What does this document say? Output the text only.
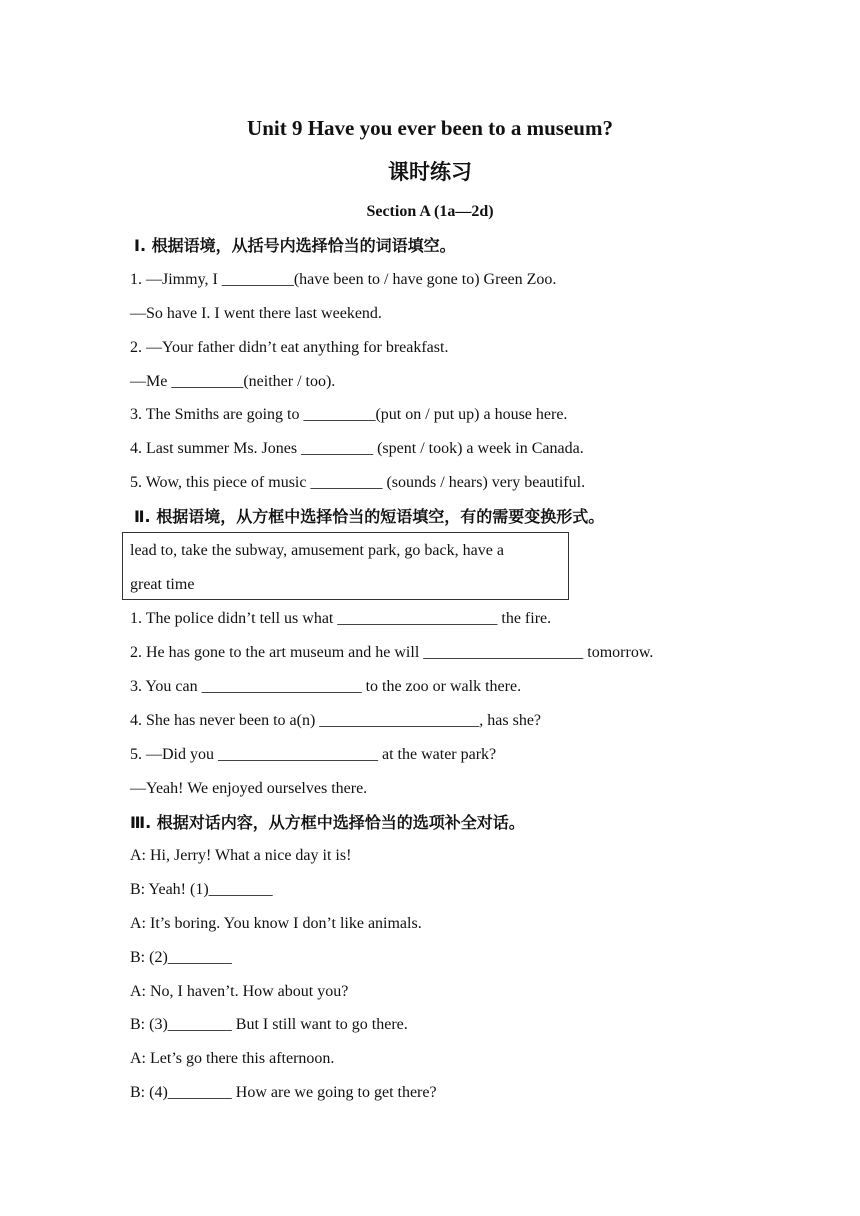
Unit 9 Have you ever been to a museum?
课时练习
Section A (1a—2d)
Ⅰ. 根据语境，从括号内选择恰当的词语填空。
1. —Jimmy, I _________(have been to / have gone to) Green Zoo.
—So have I. I went there last weekend.
2. —Your father didn’t eat anything for breakfast.
—Me _________(neither / too).
3. The Smiths are going to _________(put on / put up) a house here.
4. Last summer Ms. Jones _________ (spent / took) a week in Canada.
5. Wow, this piece of music _________ (sounds / hears) very beautiful.
Ⅱ. 根据语境，从方框中选择恰当的短语填空，有的需要变换形式。
lead to, take the subway, amusement park, go back, have a
great time
1. The police didn’t tell us what ____________________ the fire.
2. He has gone to the art museum and he will ____________________ tomorrow.
3. You can ____________________ to the zoo or walk there.
4. She has never been to a(n) ____________________, has she?
5. —Did you ____________________ at the water park?
—Yeah! We enjoyed ourselves there.
Ⅲ. 根据对话内容，从方框中选择恰当的选项补全对话。
A: Hi, Jerry! What a nice day it is!
B: Yeah! (1)________
A: It’s boring. You know I don’t like animals.
B: (2)________
A: No, I haven’t. How about you?
B: (3)________ But I still want to go there.
A: Let’s go there this afternoon.
B: (4)________ How are we going to get there?
